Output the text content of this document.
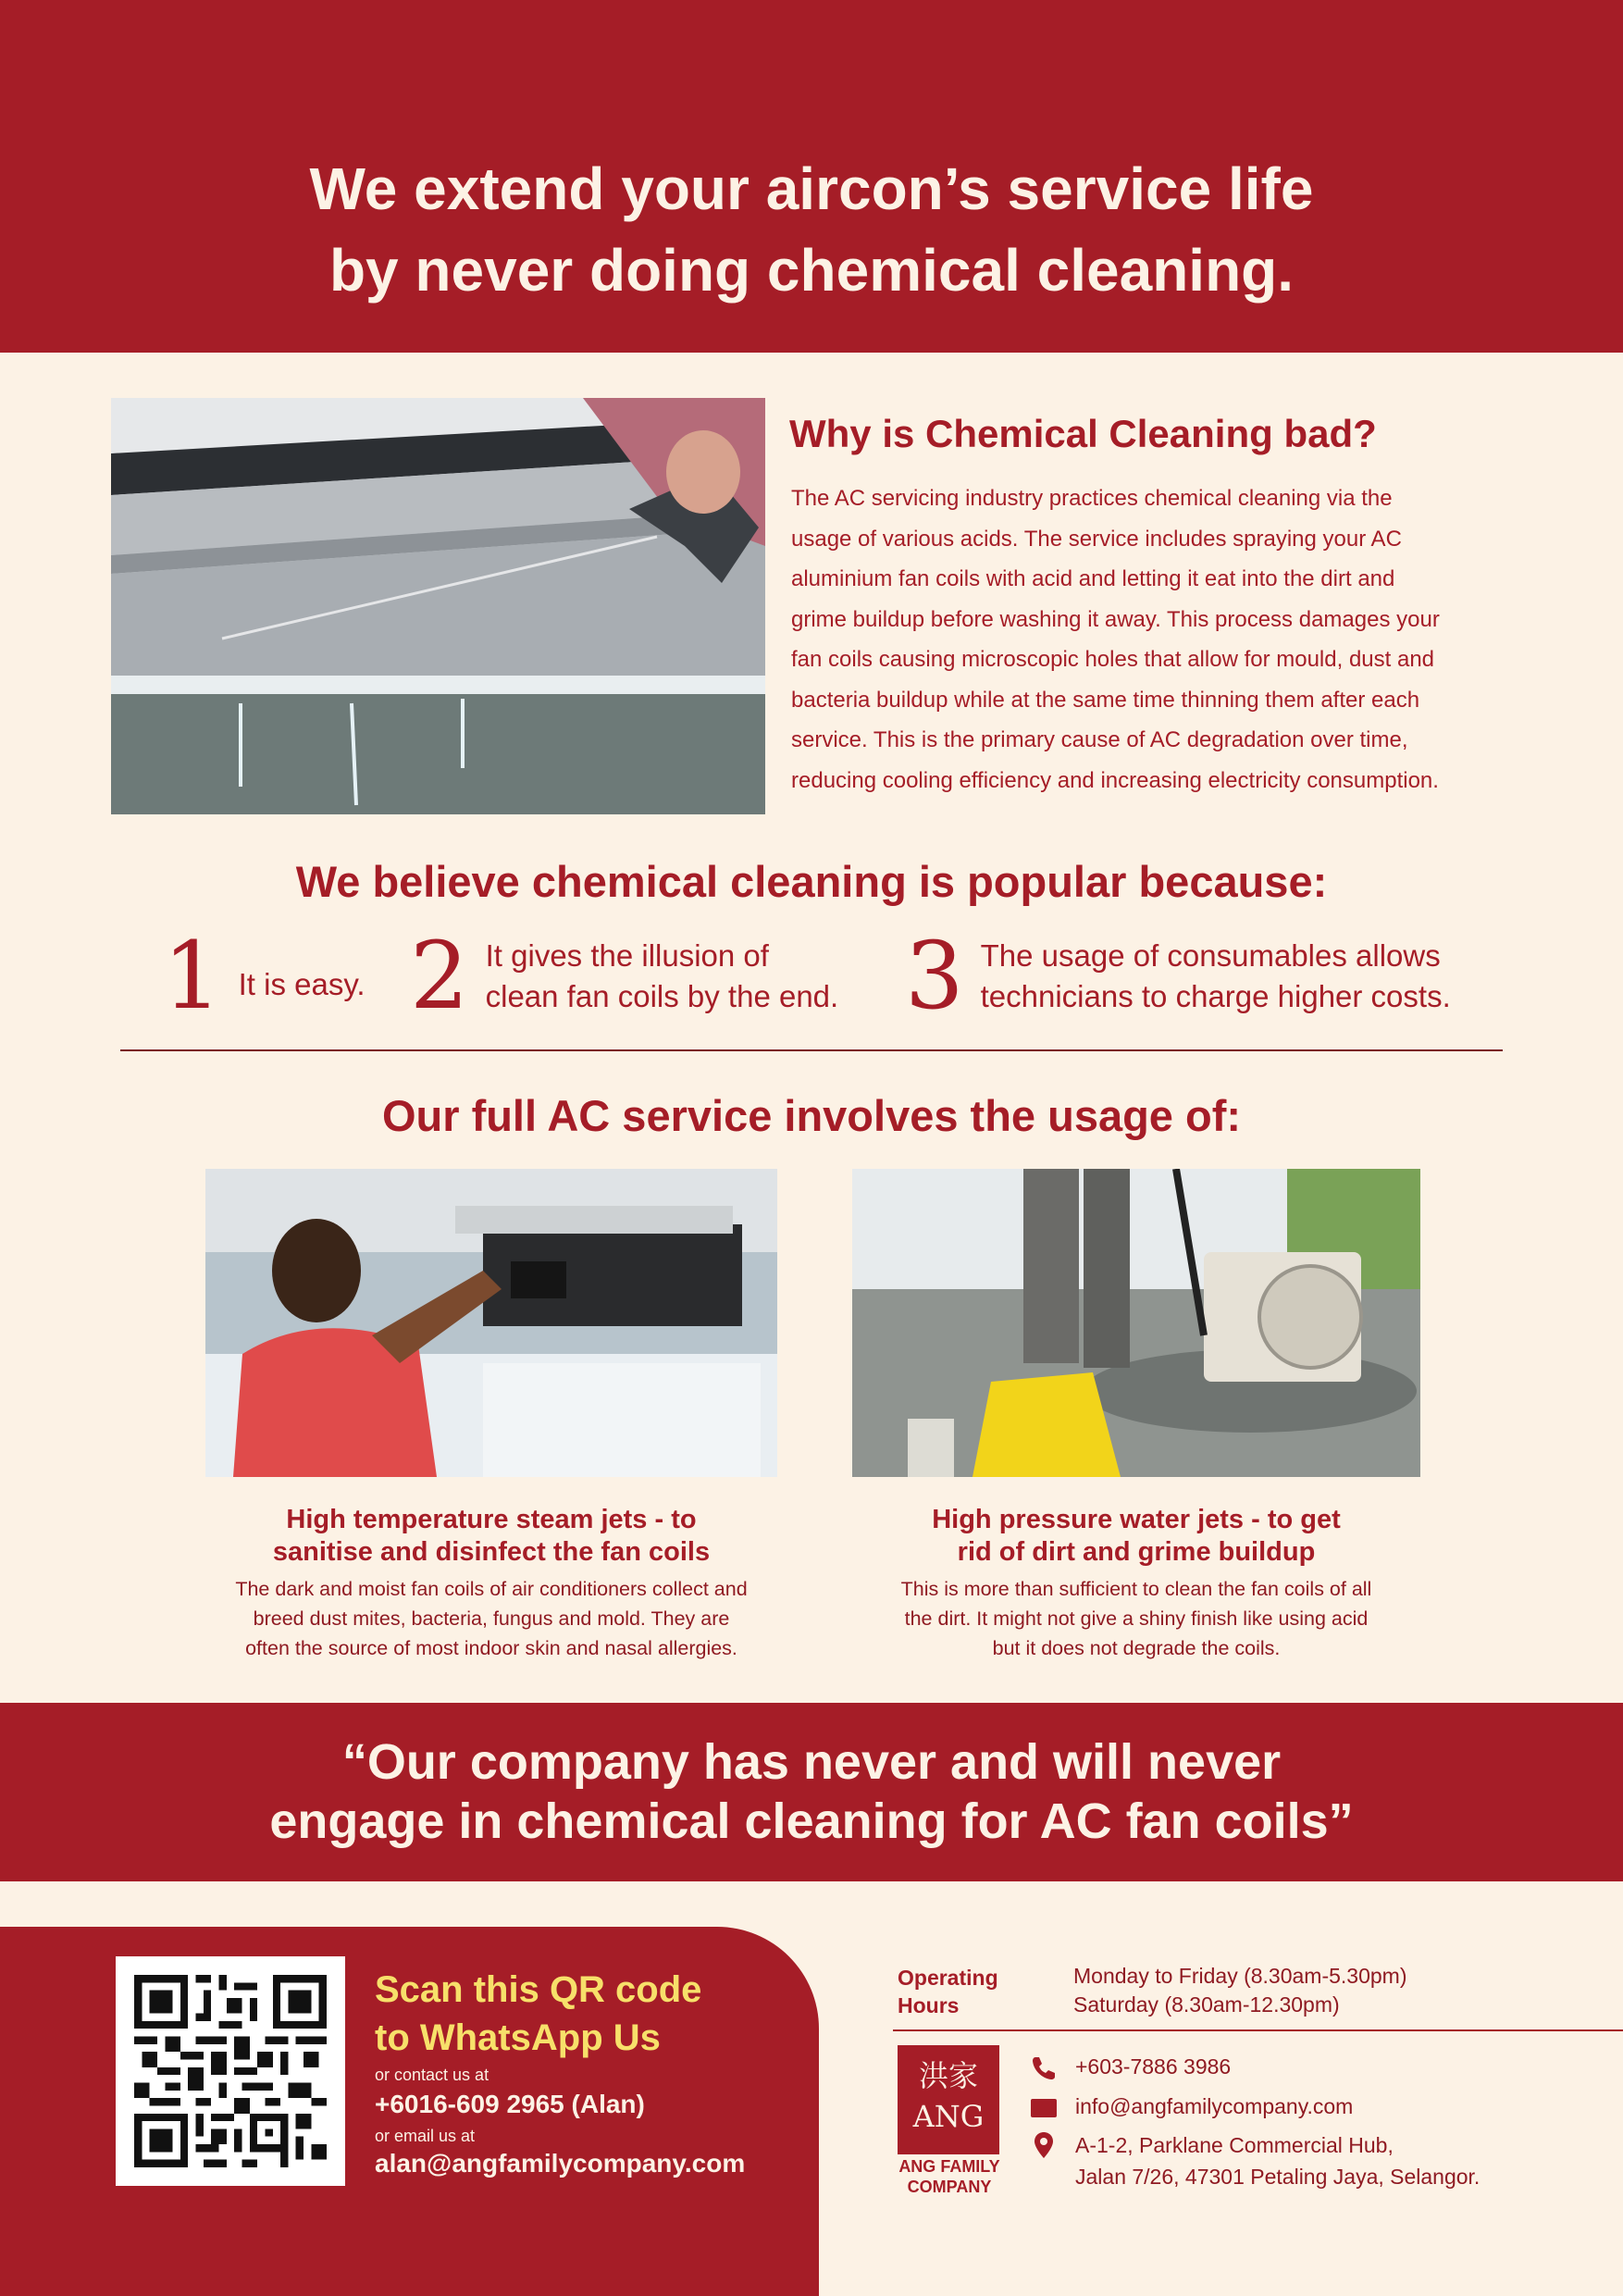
We extend your aircon’s service life
by never doing chemical cleaning.
Why is Chemical Cleaning bad?
The AC servicing industry practices chemical cleaning via the
usage of various acids. The service includes spraying your AC
aluminium fan coils with acid and letting it eat into the dirt and
grime buildup before washing it away. This process damages your
fan coils causing microscopic holes that allow for mould, dust and
bacteria buildup while at the same time thinning them after each
service. This is the primary cause of AC degradation over time,
reducing cooling efficiency and increasing electricity consumption.
We believe chemical cleaning is popular because:
1 It is easy. 2 It gives the illusion of
clean fan coils by the end. 3 The usage of consumables allows
technicians to charge higher costs.
Our full AC service involves the usage of:
High temperature steam jets - to
sanitise and disinfect the fan coils
The dark and moist fan coils of air conditioners collect and
breed dust mites, bacteria, fungus and mold. They are
often the source of most indoor skin and nasal allergies.
High pressure water jets - to get
rid of dirt and grime buildup
This is more than sufficient to clean the fan coils of all
the dirt. It might not give a shiny finish like using acid
but it does not degrade the coils.
“Our company has never and will never
engage in chemical cleaning for AC fan coils”
Scan this QR code
to WhatsApp Us
or contact us at
+6016-609 2965 (Alan)
or email us at
alan@angfamilycompany.com
Operating
Hours
Monday to Friday (8.30am-5.30pm)
Saturday (8.30am-12.30pm)
洪家
ANG
ANG FAMILY
COMPANY
+603-7886 3986
info@angfamilycompany.com
A-1-2, Parklane Commercial Hub,
Jalan 7/26, 47301 Petaling Jaya, Selangor.
